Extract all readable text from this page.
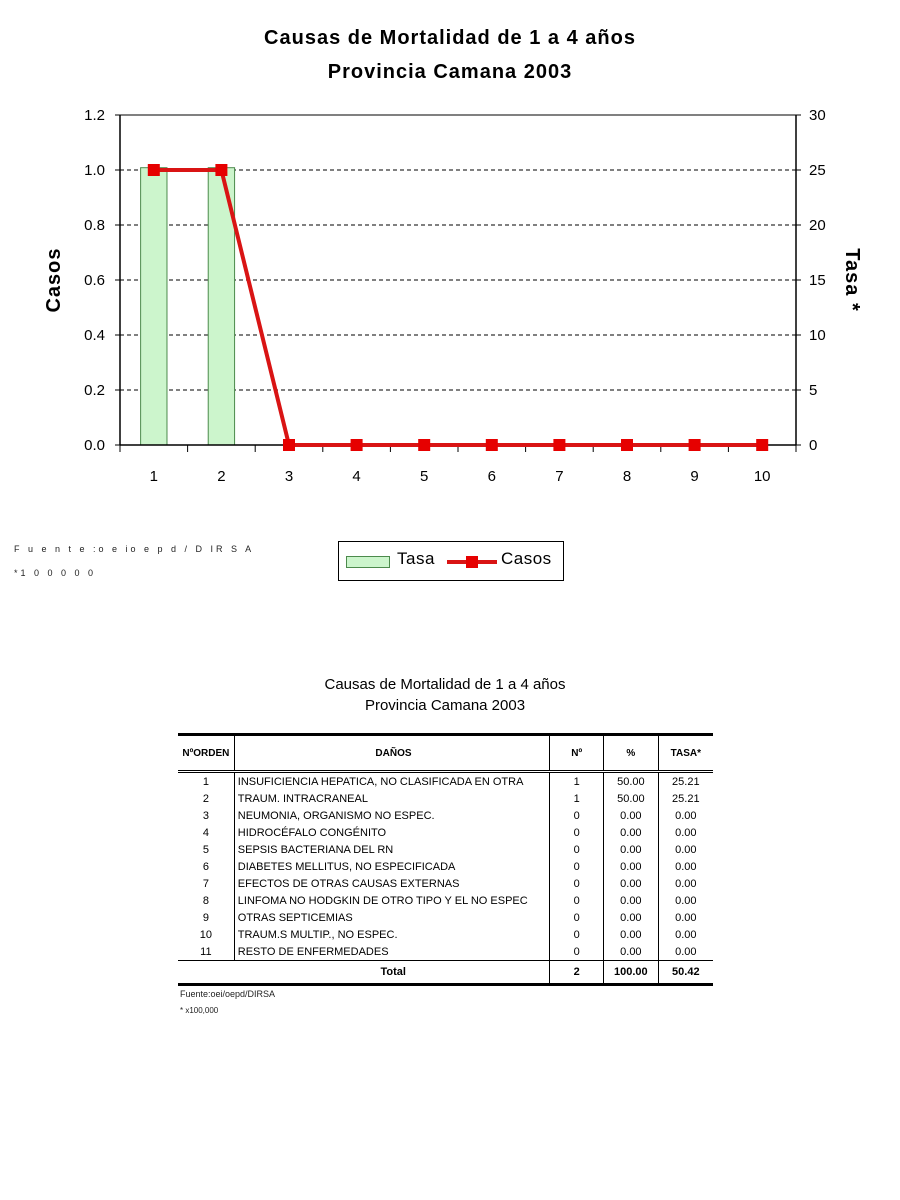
Causas de Mortalidad de 1 a 4 años
Provincia Camana 2003
0.0
0.2
0.4
0.6
0.8
1.0
1.2
0
5
10
15
20
25
30
1	2	3	4	5	6	7	8	9	10
Casos	Tasa *
F u e n t e :o e io e p d / D IR S A
*1 0 0 0 0 0
Tasa	Casos
Causas de Mortalidad de 1 a 4 años
Provincia Camana 2003
NºORDEN	DAÑOS	Nº	%	TASA*
1	INSUFICIENCIA HEPATICA, NO CLASIFICADA EN OTRA	1	50.00	25.21
2	TRAUM. INTRACRANEAL	1	50.00	25.21
3	NEUMONIA, ORGANISMO NO ESPEC.	0	0.00	0.00
4	HIDROCÉFALO CONGÉNITO	0	0.00	0.00
5	SEPSIS BACTERIANA DEL RN	0	0.00	0.00
6	DIABETES MELLITUS, NO ESPECIFICADA	0	0.00	0.00
7	EFECTOS DE OTRAS CAUSAS EXTERNAS	0	0.00	0.00
8	LINFOMA NO HODGKIN DE OTRO TIPO Y EL NO ESPEC	0	0.00	0.00
9	OTRAS SEPTICEMIAS	0	0.00	0.00
10	TRAUM.S MULTIP., NO ESPEC.	0	0.00	0.00
11	RESTO DE ENFERMEDADES	0	0.00	0.00
	Total	2	100.00	50.42
Fuente:oei/oepd/DIRSA
* x100,000
